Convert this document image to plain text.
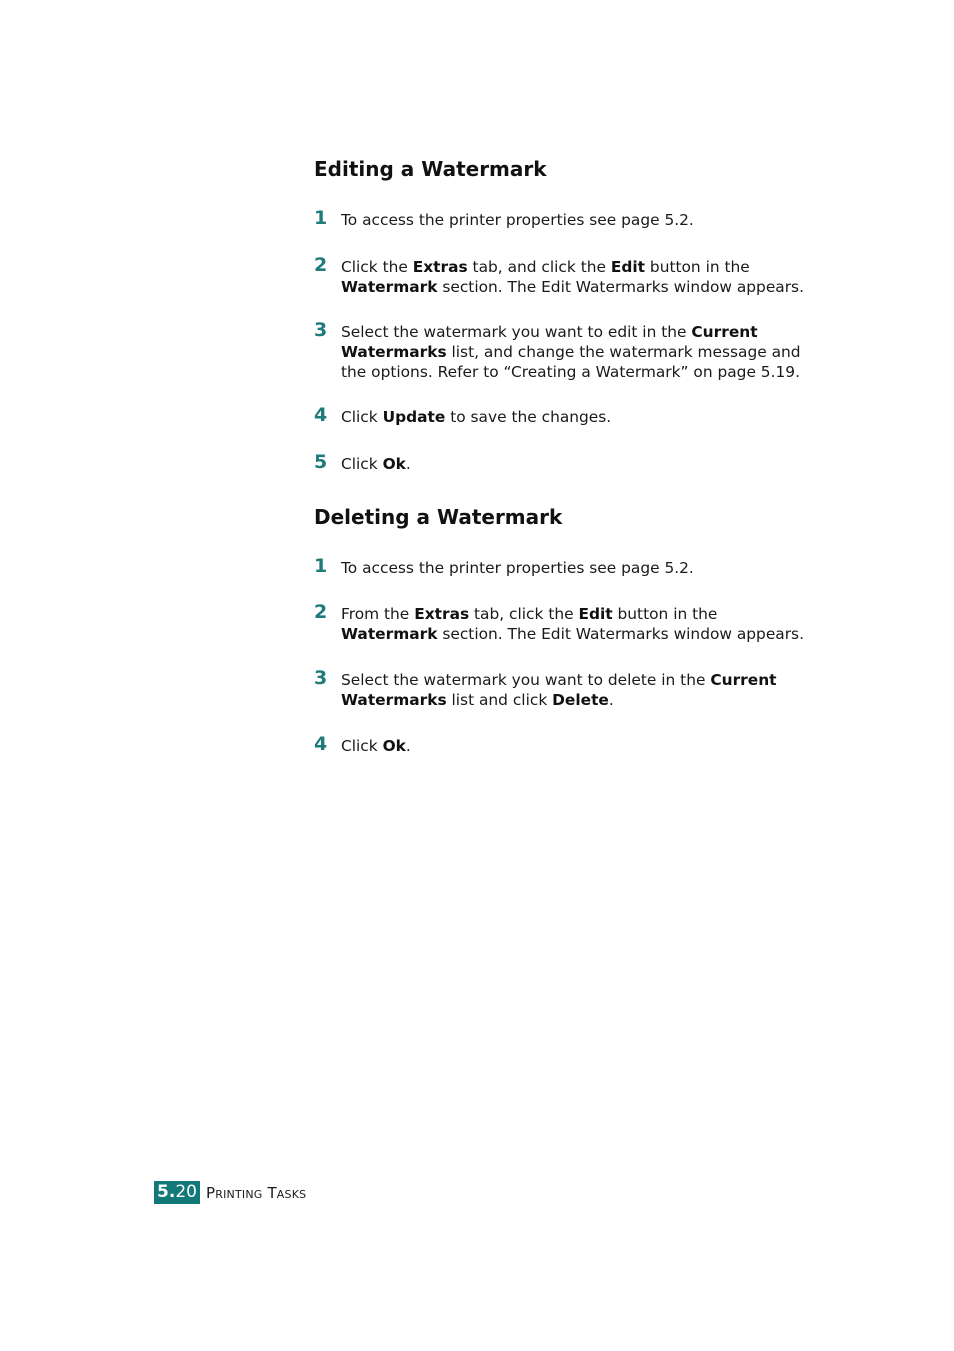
Editing a Watermark
1 To access the printer properties see page 5.2.
2 Click the Extras tab, and click the Edit button in the Watermark section. The Edit Watermarks window appears.
3 Select the watermark you want to edit in the Current Watermarks list, and change the watermark message and the options. Refer to “Creating a Watermark” on page 5.19.
4 Click Update to save the changes.
5 Click Ok.
Deleting a Watermark
1 To access the printer properties see page 5.2.
2 From the Extras tab, click the Edit button in the Watermark section. The Edit Watermarks window appears.
3 Select the watermark you want to delete in the Current Watermarks list and click Delete.
4 Click Ok.
5. 20 Printing Tasks
